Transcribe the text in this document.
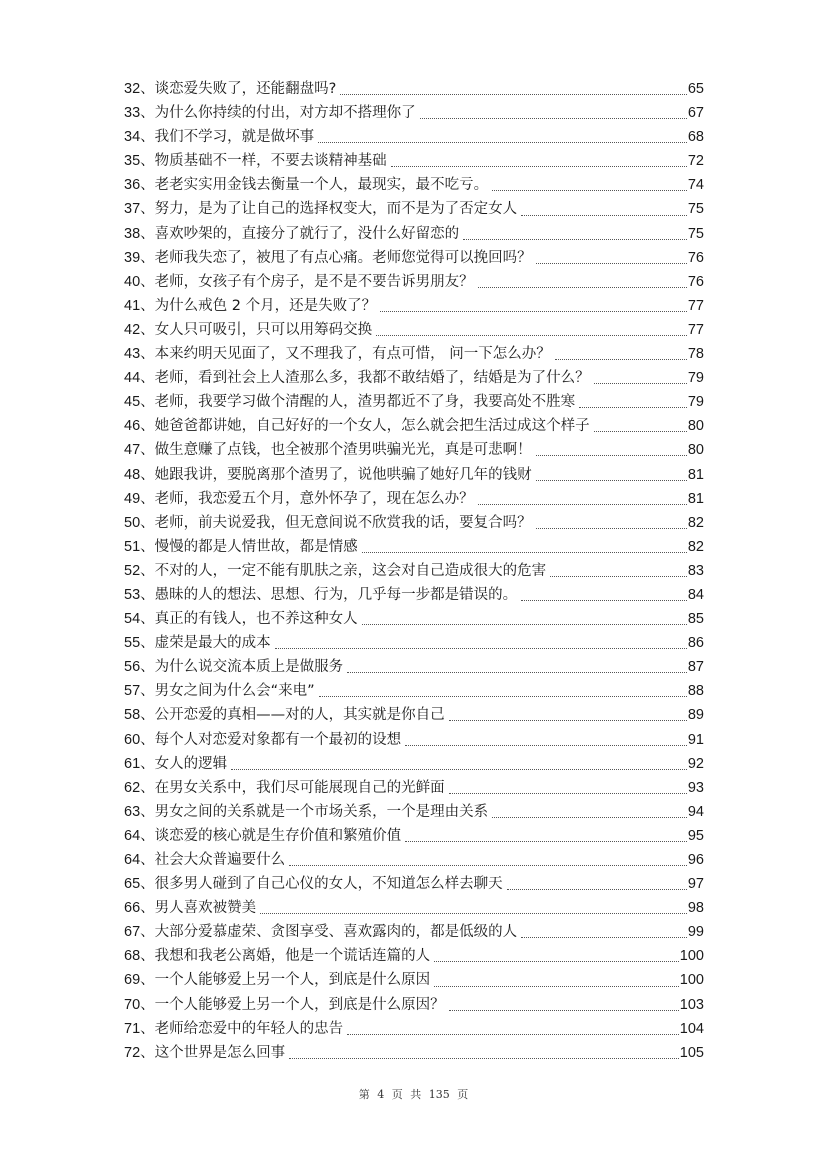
32、 谈恋爱失败了，还能翻盘吗?	65
33、 为什么你持续的付出，对方却不搭理你了	67
34、 我们不学习，就是做坏事	68
35、 物质基础不一样，不要去谈精神基础	72
36、 老老实实用金钱去衡量一个人，最现实，最不吃亏。	74
37、 努力，是为了让自己的选择权变大，而不是为了否定女人	75
38、 喜欢吵架的，直接分了就行了，没什么好留恋的	75
39、 老师我失恋了，被甩了有点心痛。老师您觉得可以挽回吗？	76
40、 老师，女孩子有个房子，是不是不要告诉男朋友？	76
41、 为什么戒色 2 个月，还是失败了？	77
42、 女人只可吸引，只可以用筹码交换	77
43、 本来约明天见面了，又不理我了，有点可惜， 问一下怎么办？	78
44、 老师，看到社会上人渣那么多，我都不敢结婚了，结婚是为了什么？	79
45、 老师，我要学习做个清醒的人，渣男都近不了身，我要高处不胜寒	79
46、 她爸爸都讲她，自己好好的一个女人，怎么就会把生活过成这个样子	80
47、 做生意赚了点钱，也全被那个渣男哄骗光光，真是可悲啊！	80
48、 她跟我讲，要脱离那个渣男了，说他哄骗了她好几年的钱财	81
49、 老师，我恋爱五个月，意外怀孕了，现在怎么办？	81
50、 老师，前夫说爱我，但无意间说不欣赏我的话，要复合吗？	82
51、 慢慢的都是人情世故，都是情感	82
52、 不对的人，一定不能有肌肤之亲，这会对自己造成很大的危害	83
53、 愚昧的人的想法、思想、行为，几乎每一步都是错误的。	84
54、 真正的有钱人，也不养这种女人	85
55、 虚荣是最大的成本	86
56、 为什么说交流本质上是做服务	87
57、 男女之间为什么会“来电”	88
58、 公开恋爱的真相——对的人，其实就是你自己	89
60、 每个人对恋爱对象都有一个最初的设想	91
61、 女人的逻辑	92
62、 在男女关系中，我们尽可能展现自己的光鲜面	93
63、 男女之间的关系就是一个市场关系，一个是理由关系	94
64、 谈恋爱的核心就是生存价值和繁殖价值	95
64、 社会大众普遍要什么	96
65、 很多男人碰到了自己心仪的女人，不知道怎么样去聊天	97
66、 男人喜欢被赞美	98
67、 大部分爱慕虚荣、贪图享受、喜欢露肉的，都是低级的人	99
68、 我想和我老公离婚，他是一个谎话连篇的人	100
69、 一个人能够爱上另一个人，到底是什么原因	100
70、 一个人能够爱上另一个人，到底是什么原因？	103
71、 老师给恋爱中的年轻人的忠告	104
72、 这个世界是怎么回事	105
第 4 页 共 135 页
